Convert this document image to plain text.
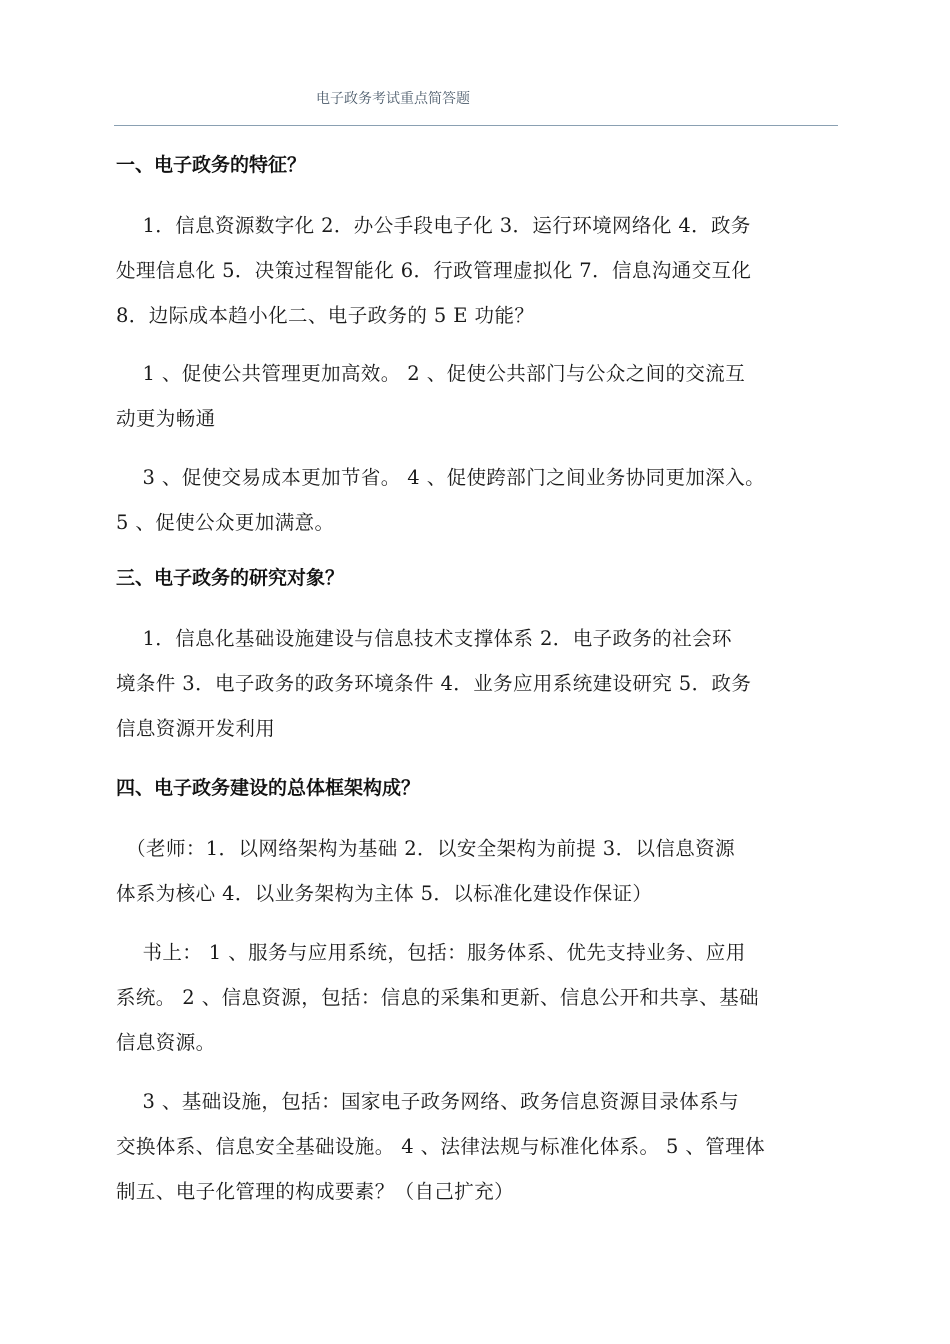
电子政务考试重点简答题
一、电子政务的特征？

　 1．信息资源数字化 2．办公手段电子化 3．运行环境网络化 4．政务
处理信息化 5．决策过程智能化 6．行政管理虚拟化 7．信息沟通交互化
8．边际成本趋小化二、电子政务的 5 E 功能？

　 1 、促使公共管理更加高效。 2 、促使公共部门与公众之间的交流互
动更为畅通

　 3 、促使交易成本更加节省。 4 、促使跨部门之间业务协同更加深入。
5 、促使公众更加满意。

三、电子政务的研究对象？

　 1．信息化基础设施建设与信息技术支撑体系 2．电子政务的社会环
境条件 3．电子政务的政务环境条件 4．业务应用系统建设研究 5．政务
信息资源开发利用

四、电子政务建设的总体框架构成？

　（老师：1．以网络架构为基础 2．以安全架构为前提 3．以信息资源
体系为核心 4．以业务架构为主体 5．以标准化建设作保证）

　 书上： 1 、服务与应用系统，包括：服务体系、优先支持业务、应用
系统。 2 、信息资源，包括：信息的采集和更新、信息公开和共享、基础
信息资源。

　 3 、基础设施，包括：国家电子政务网络、政务信息资源目录体系与
交换体系、信息安全基础设施。 4 、法律法规与标准化体系。 5 、管理体
制五、电子化管理的构成要素？（自己扩充）
